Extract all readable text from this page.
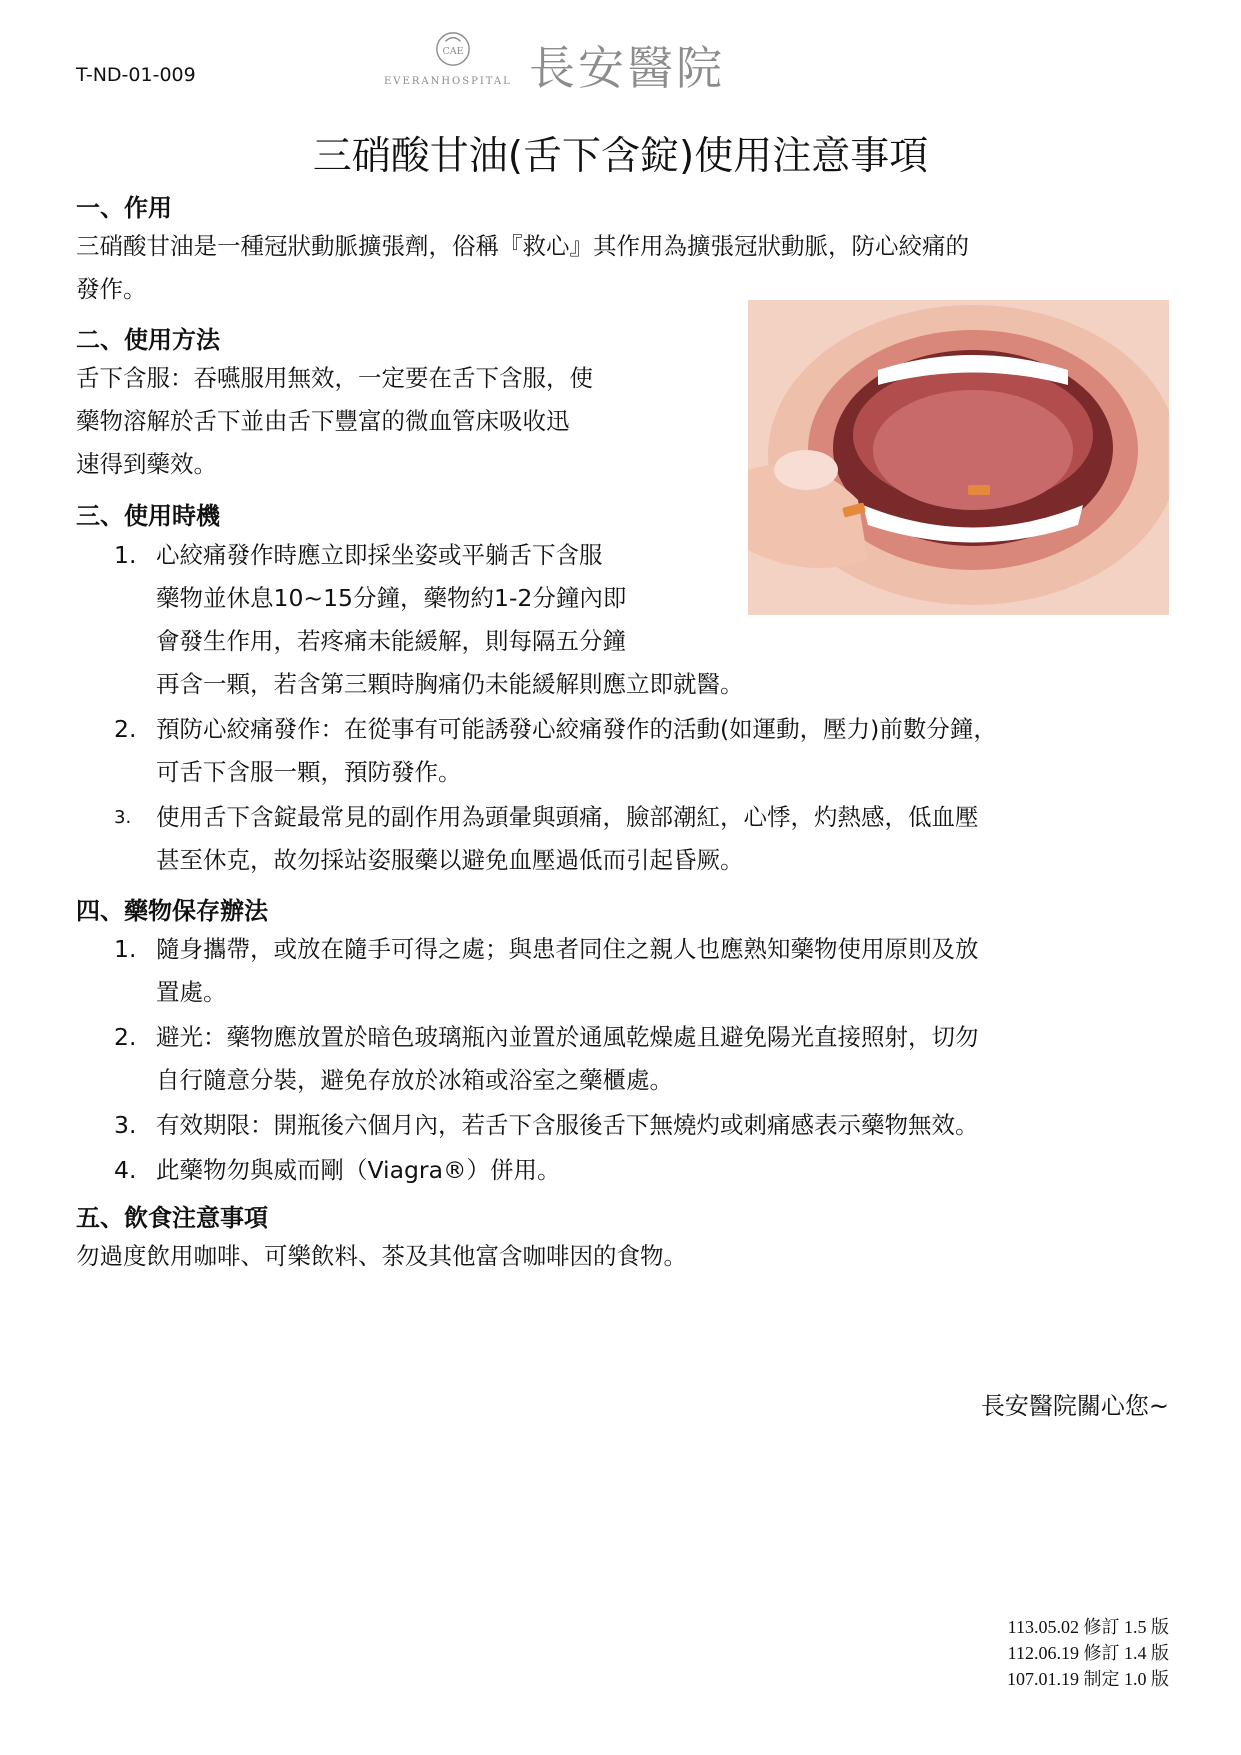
T-ND-01-009
CAE
EVERANHOSPITAL 長安醫院
三硝酸甘油(舌下含錠)使用注意事項
一、作用
三硝酸甘油是一種冠狀動脈擴張劑，俗稱『救心』其作用為擴張冠狀動脈，防心絞痛的
發作。
二、使用方法
舌下含服：吞嚥服用無效，一定要在舌下含服，使
藥物溶解於舌下並由舌下豐富的微血管床吸收迅
速得到藥效。
三、使用時機
1. 心絞痛發作時應立即採坐姿或平躺舌下含服
藥物並休息10~15分鐘，藥物約1-2分鐘內即
會發生作用，若疼痛未能緩解，則每隔五分鐘
再含一顆，若含第三顆時胸痛仍未能緩解則應立即就醫。
2. 預防心絞痛發作：在從事有可能誘發心絞痛發作的活動(如運動，壓力)前數分鐘，
可舌下含服一顆，預防發作。
3. 使用舌下含錠最常見的副作用為頭暈與頭痛，臉部潮紅，心悸，灼熱感，低血壓
甚至休克，故勿採站姿服藥以避免血壓過低而引起昏厥。
四、藥物保存辦法
1. 隨身攜帶，或放在隨手可得之處；與患者同住之親人也應熟知藥物使用原則及放
置處。
2. 避光：藥物應放置於暗色玻璃瓶內並置於通風乾燥處且避免陽光直接照射，切勿
自行隨意分裝，避免存放於冰箱或浴室之藥櫃處。
3. 有效期限：開瓶後六個月內，若舌下含服後舌下無燒灼或刺痛感表示藥物無效。
4. 此藥物勿與威而剛（Viagra®）併用。
五、飲食注意事項
勿過度飲用咖啡、可樂飲料、茶及其他富含咖啡因的食物。
長安醫院關心您~
113.05.02 修訂 1.5 版
112.06.19 修訂 1.4 版
107.01.19 制定 1.0 版
